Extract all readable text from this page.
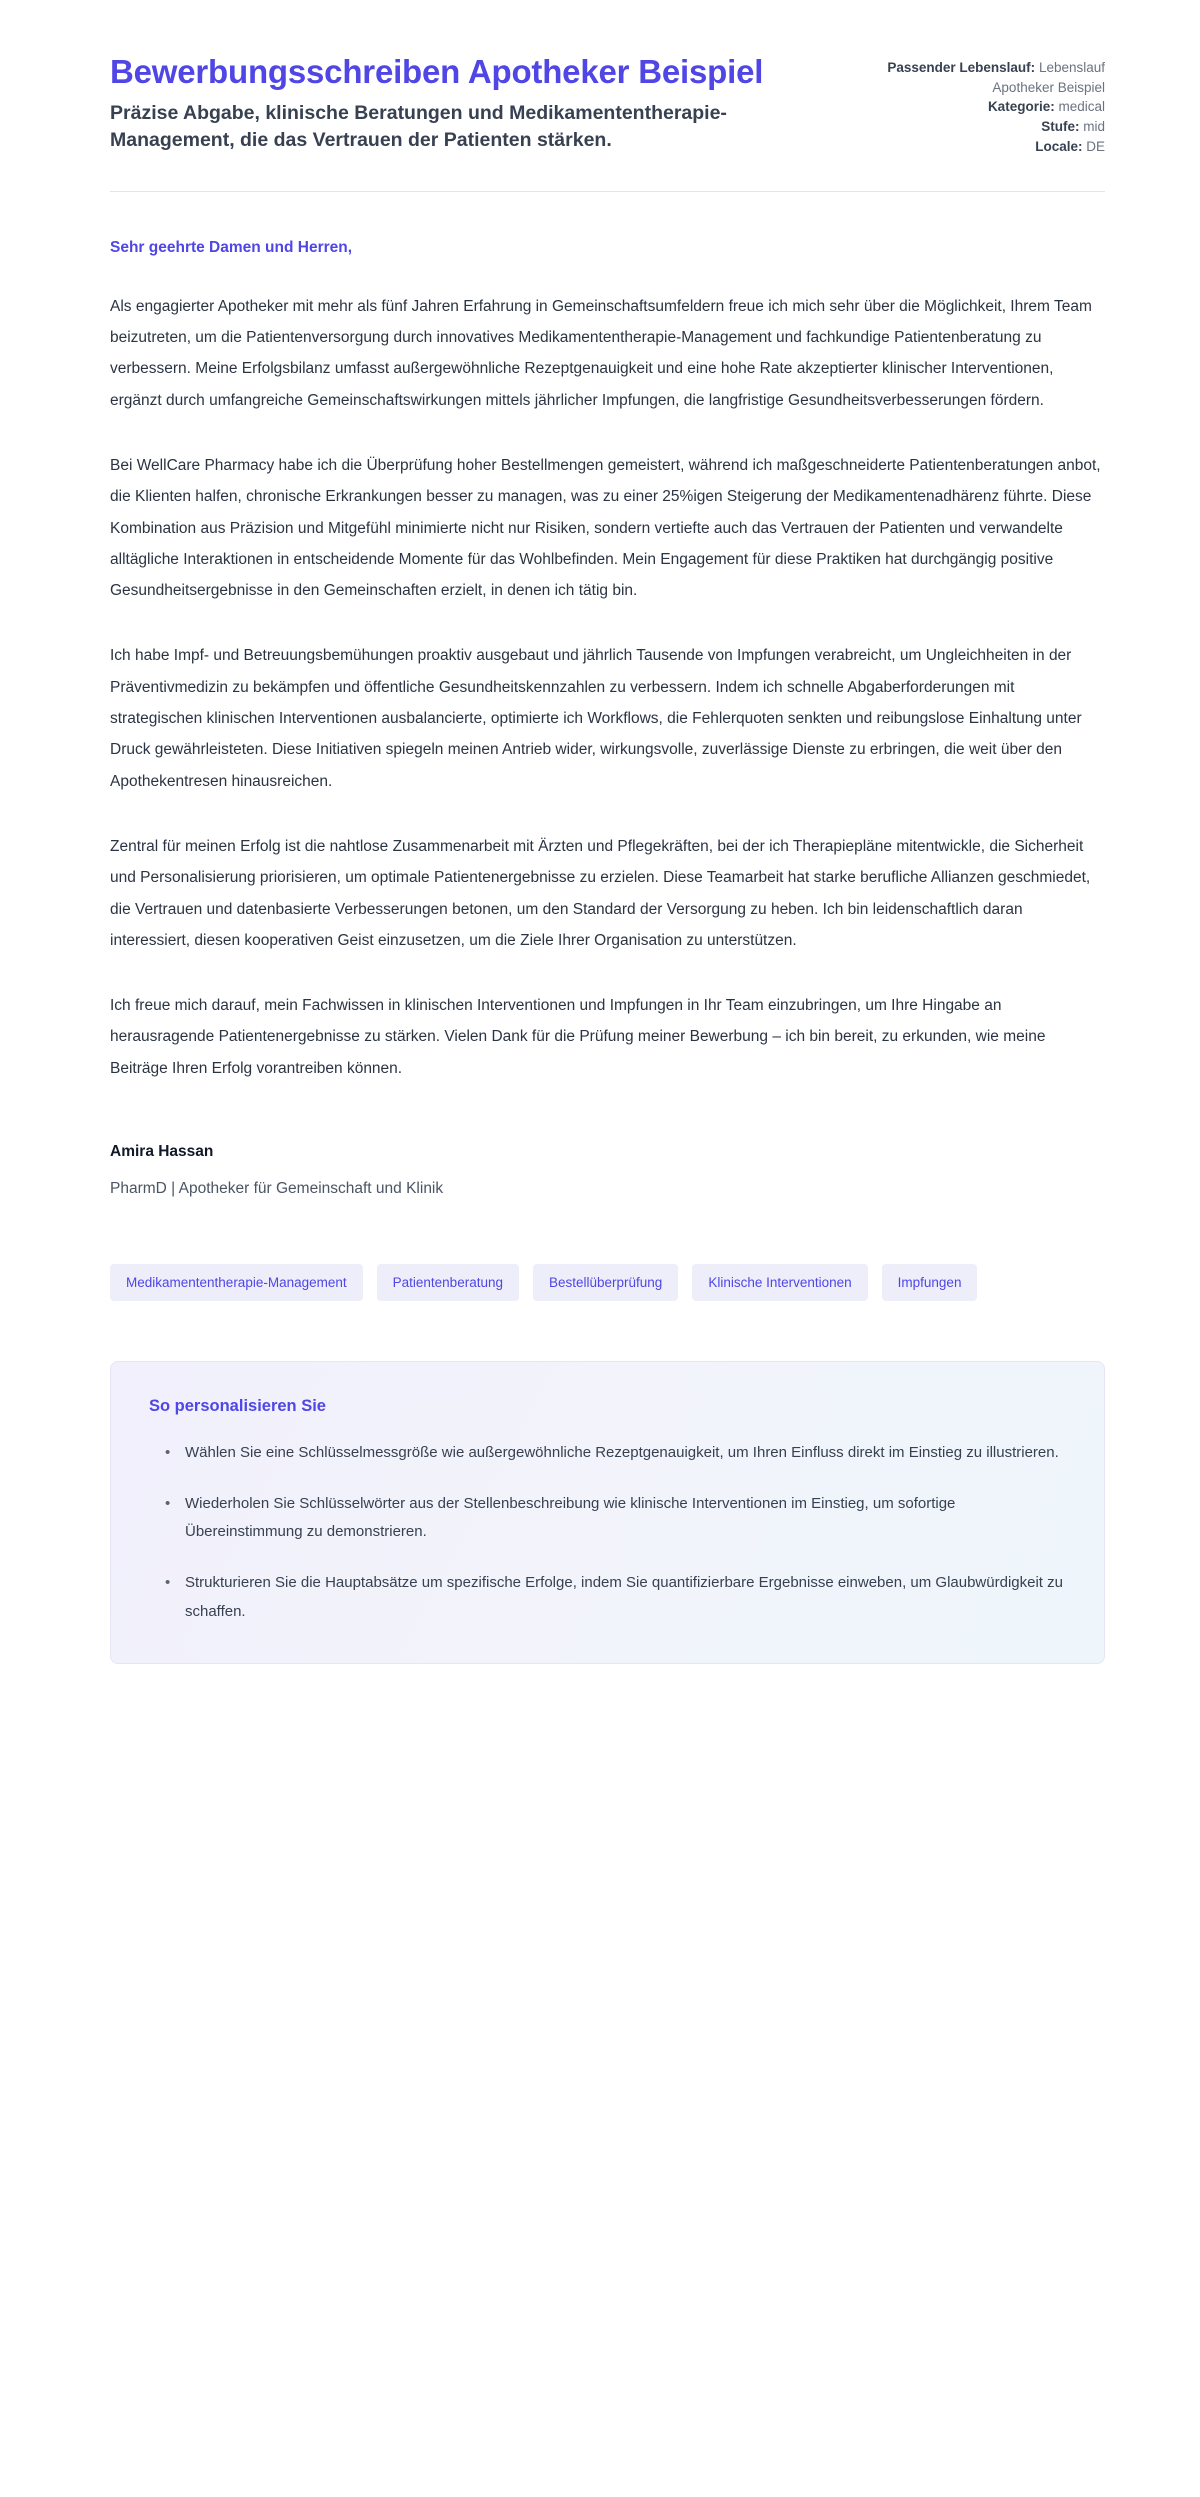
Bewerbungsschreiben Apotheker Beispiel

Präzise Abgabe, klinische Beratungen und Medikamententherapie-Management, die das Vertrauen der Patienten stärken.

Passender Lebenslauf: Lebenslauf Apotheker Beispiel
Kategorie: medical
Stufe: mid
Locale: DE

Sehr geehrte Damen und Herren,

Als engagierter Apotheker mit mehr als fünf Jahren Erfahrung in Gemeinschaftsumfeldern freue ich mich sehr über die Möglichkeit, Ihrem Team beizutreten, um die Patientenversorgung durch innovatives Medikamententherapie-Management und fachkundige Patientenberatung zu verbessern. Meine Erfolgsbilanz umfasst außergewöhnliche Rezeptgenauigkeit und eine hohe Rate akzeptierter klinischer Interventionen, ergänzt durch umfangreiche Gemeinschaftswirkungen mittels jährlicher Impfungen, die langfristige Gesundheitsverbesserungen fördern.

Bei WellCare Pharmacy habe ich die Überprüfung hoher Bestellmengen gemeistert, während ich maßgeschneiderte Patientenberatungen anbot, die Klienten halfen, chronische Erkrankungen besser zu managen, was zu einer 25%igen Steigerung der Medikamentenadhärenz führte. Diese Kombination aus Präzision und Mitgefühl minimierte nicht nur Risiken, sondern vertiefte auch das Vertrauen der Patienten und verwandelte alltägliche Interaktionen in entscheidende Momente für das Wohlbefinden. Mein Engagement für diese Praktiken hat durchgängig positive Gesundheitsergebnisse in den Gemeinschaften erzielt, in denen ich tätig bin.

Ich habe Impf- und Betreuungsbemühungen proaktiv ausgebaut und jährlich Tausende von Impfungen verabreicht, um Ungleichheiten in der Präventivmedizin zu bekämpfen und öffentliche Gesundheitskennzahlen zu verbessern. Indem ich schnelle Abgaberforderungen mit strategischen klinischen Interventionen ausbalancierte, optimierte ich Workflows, die Fehlerquoten senkten und reibungslose Einhaltung unter Druck gewährleisteten. Diese Initiativen spiegeln meinen Antrieb wider, wirkungsvolle, zuverlässige Dienste zu erbringen, die weit über den Apothekentresen hinausreichen.

Zentral für meinen Erfolg ist die nahtlose Zusammenarbeit mit Ärzten und Pflegekräften, bei der ich Therapiepläne mitentwickle, die Sicherheit und Personalisierung priorisieren, um optimale Patientenergebnisse zu erzielen. Diese Teamarbeit hat starke berufliche Allianzen geschmiedet, die Vertrauen und datenbasierte Verbesserungen betonen, um den Standard der Versorgung zu heben. Ich bin leidenschaftlich daran interessiert, diesen kooperativen Geist einzusetzen, um die Ziele Ihrer Organisation zu unterstützen.

Ich freue mich darauf, mein Fachwissen in klinischen Interventionen und Impfungen in Ihr Team einzubringen, um Ihre Hingabe an herausragende Patientenergebnisse zu stärken. Vielen Dank für die Prüfung meiner Bewerbung – ich bin bereit, zu erkunden, wie meine Beiträge Ihren Erfolg vorantreiben können.

Amira Hassan

PharmD | Apotheker für Gemeinschaft und Klinik

Medikamententherapie-Management	Patientenberatung	Bestellüberprüfung	Klinische Interventionen	Impfungen
So personalisieren Sie
• Wählen Sie eine Schlüsselmessgröße wie außergewöhnliche Rezeptgenauigkeit, um Ihren Einfluss direkt im Einstieg zu illustrieren.
• Wiederholen Sie Schlüsselwörter aus der Stellenbeschreibung wie klinische Interventionen im Einstieg, um sofortige Übereinstimmung zu demonstrieren.
• Strukturieren Sie die Hauptabsätze um spezifische Erfolge, indem Sie quantifizierbare Ergebnisse einweben, um Glaubwürdigkeit zu schaffen.
